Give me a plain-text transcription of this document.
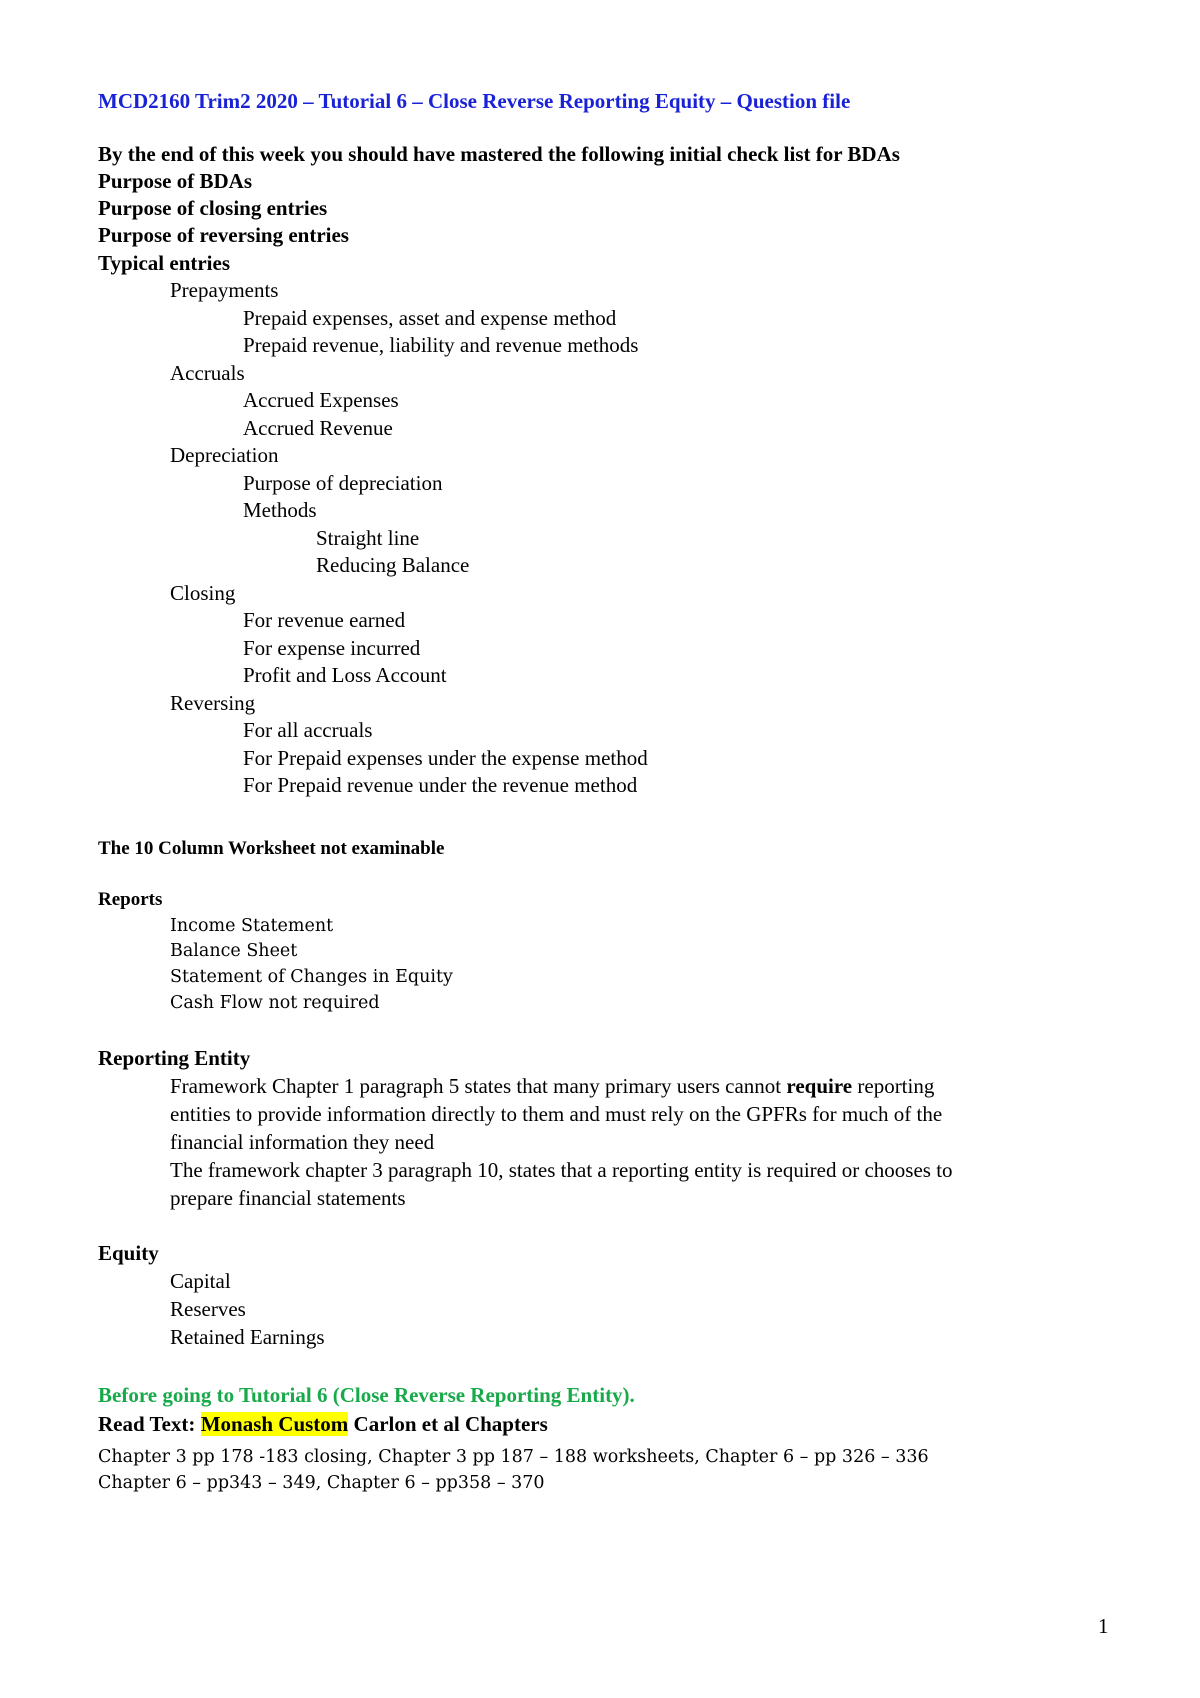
MCD2160 Trim2 2020 – Tutorial 6 – Close Reverse Reporting Equity – Question file
By the end of this week you should have mastered the following initial check list for BDAs
Purpose of BDAs
Purpose of closing entries
Purpose of reversing entries
Typical entries
Prepayments
Prepaid expenses, asset and expense method
Prepaid revenue, liability and revenue methods
Accruals
Accrued Expenses
Accrued Revenue
Depreciation
Purpose of depreciation
Methods
Straight line
Reducing Balance
Closing
For revenue earned
For expense incurred
Profit and Loss Account
Reversing
For all accruals
For Prepaid expenses under the expense method
For Prepaid revenue under the revenue method
The 10 Column Worksheet not examinable
Reports
Income Statement
Balance Sheet
Statement of Changes in Equity
Cash Flow not required
Reporting Entity
Framework Chapter 1 paragraph 5 states that many primary users cannot require reporting
entities to provide information directly to them and must rely on the GPFRs for much of the
financial information they need
The framework chapter 3 paragraph 10, states that a reporting entity is required or chooses to
prepare financial statements
Equity
Capital
Reserves
Retained Earnings
Before going to Tutorial 6 (Close Reverse Reporting Entity).
Read Text: Monash Custom Carlon et al Chapters
Chapter 3 pp 178 -183 closing, Chapter 3 pp 187 – 188 worksheets, Chapter 6 – pp 326 – 336
Chapter 6 – pp343 – 349, Chapter 6 – pp358 – 370
1
